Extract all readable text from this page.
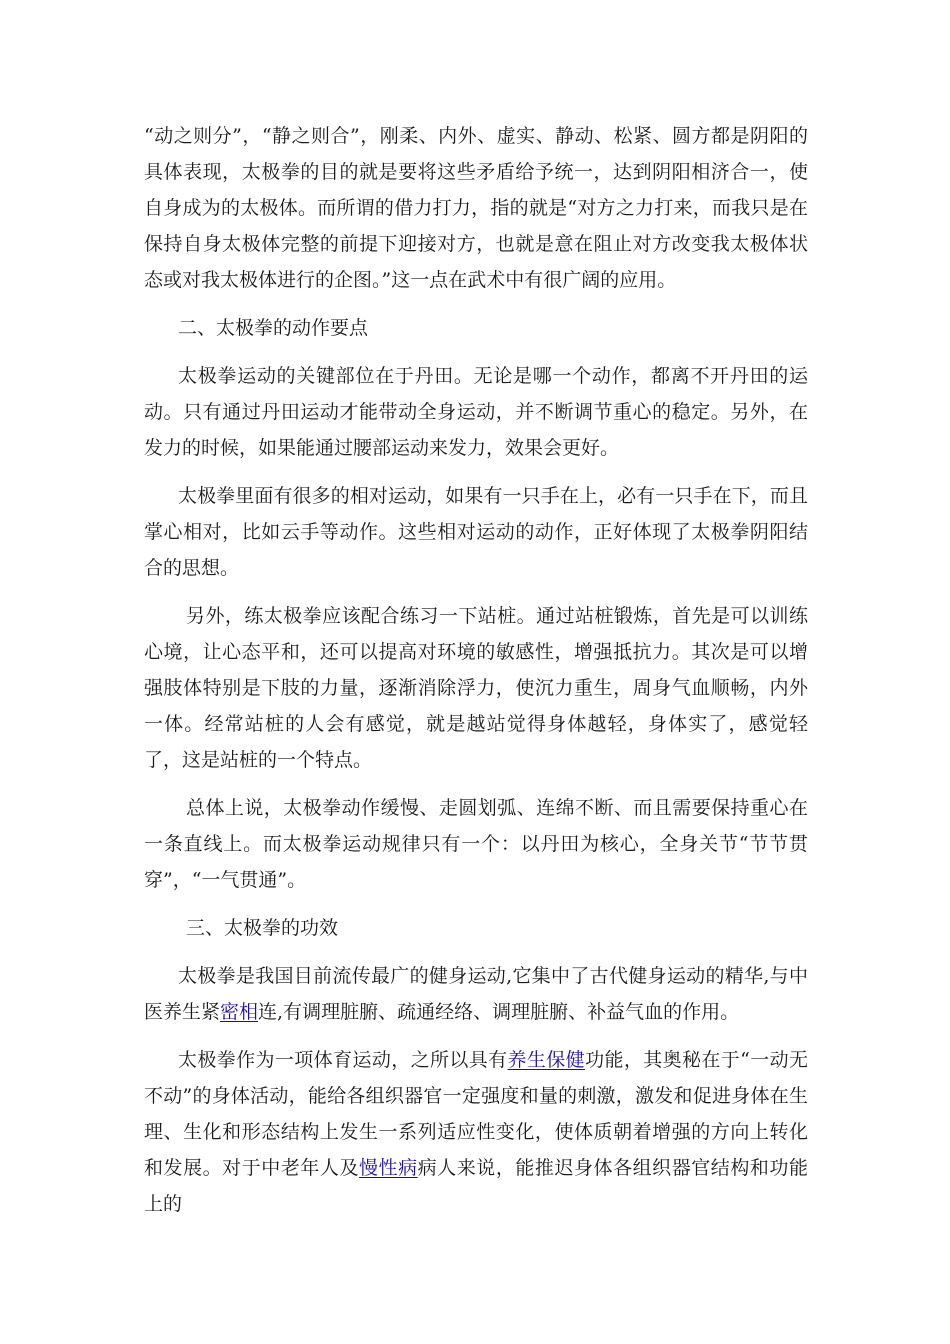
“动之则分”，“静之则合”，刚柔、内外、虚实、静动、松紧、圆方都是阴阳的具体表现，太极拳的目的就是要将这些矛盾给予统一，达到阴阳相济合一，使自身成为的太极体。而所谓的借力打力，指的就是“对方之力打来，而我只是在保持自身太极体完整的前提下迎接对方，也就是意在阻止对方改变我太极体状态或对我太极体进行的企图。”这一点在武术中有很广阔的应用。

二、太极拳的动作要点

太极拳运动的关键部位在于丹田。无论是哪一个动作，都离不开丹田的运动。只有通过丹田运动才能带动全身运动，并不断调节重心的稳定。另外，在发力的时候，如果能通过腰部运动来发力，效果会更好。

太极拳里面有很多的相对运动，如果有一只手在上，必有一只手在下，而且掌心相对，比如云手等动作。这些相对运动的动作，正好体现了太极拳阴阳结合的思想。

另外，练太极拳应该配合练习一下站桩。通过站桩锻炼，首先是可以训练心境，让心态平和，还可以提高对环境的敏感性，增强抵抗力。其次是可以增强肢体特别是下肢的力量，逐渐消除浮力，使沉力重生，周身气血顺畅，内外一体。经常站桩的人会有感觉，就是越站觉得身体越轻，身体实了，感觉轻了，这是站桩的一个特点。

总体上说，太极拳动作缓慢、走圆划弧、连绵不断、而且需要保持重心在一条直线上。而太极拳运动规律只有一个：以丹田为核心，全身关节“节节贯穿”，“一气贯通”。

三、太极拳的功效

太极拳是我国目前流传最广的健身运动,它集中了古代健身运动的精华,与中医养生紧密相连,有调理脏腑、疏通经络、调理脏腑、补益气血的作用。

太极拳作为一项体育运动，之所以具有养生保健功能，其奥秘在于“一动无不动”的身体活动，能给各组织器官一定强度和量的刺激，激发和促进身体在生理、生化和形态结构上发生一系列适应性变化，使体质朝着增强的方向上转化和发展。对于中老年人及慢性病病人来说，能推迟身体各组织器官结构和功能上的
